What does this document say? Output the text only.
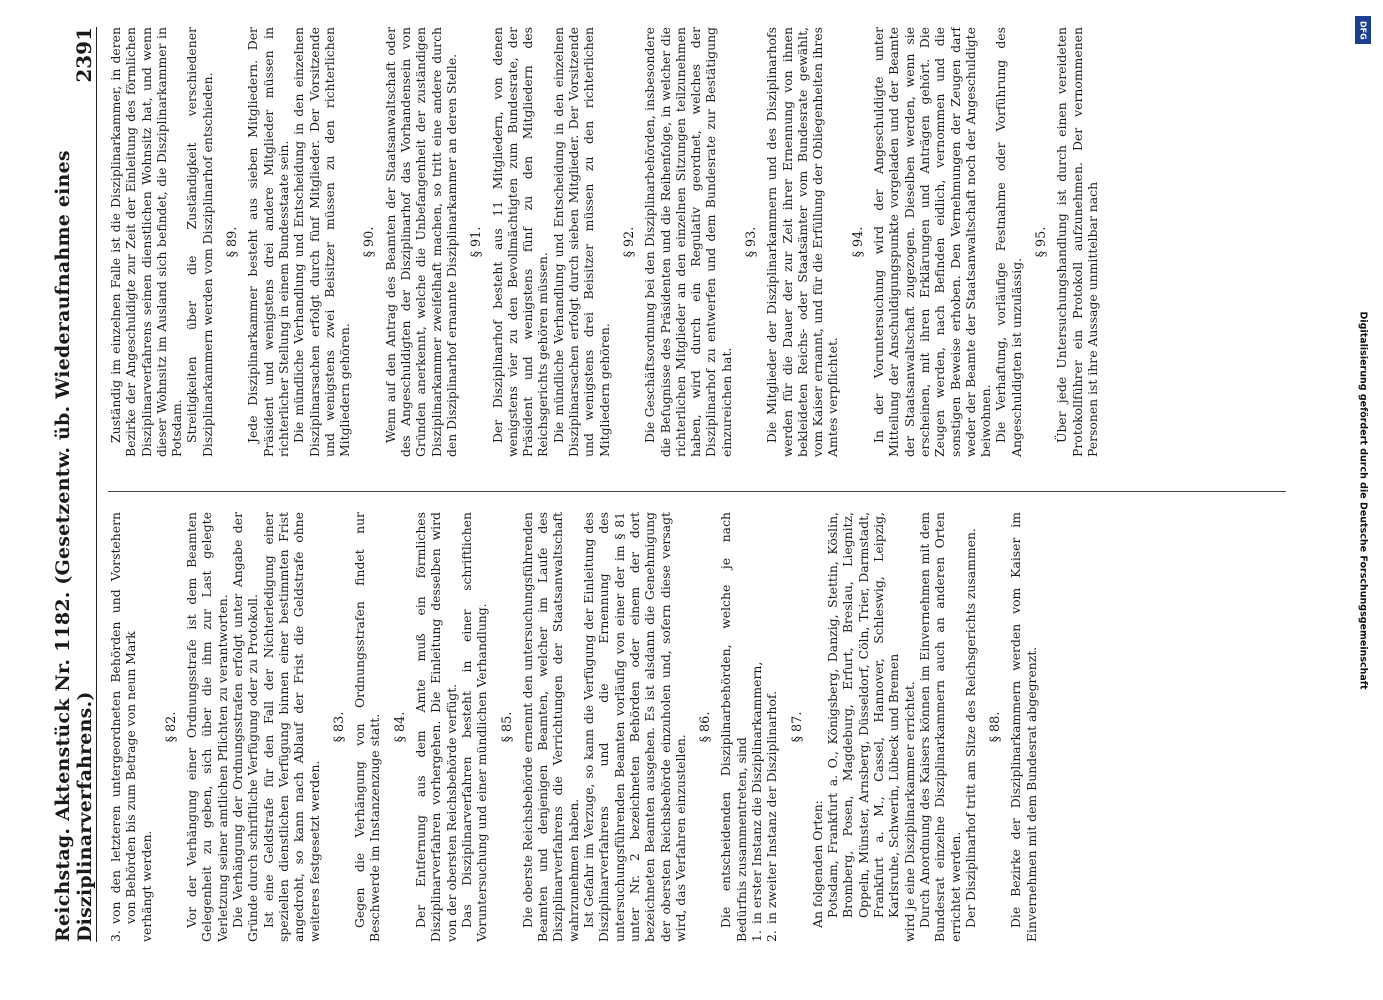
Reichstag. Aktenstück Nr. 1182. (Gesetzentw. üb. Wiederaufnahme eines Disziplinarverfahrens.)
2391
3.
von den letzteren untergeordneten Behörden und Vorstehern von Behörden bis zum Betrage von neun Mark verhängt werden.

§ 82. Vor der Verhängung einer Ordnungsstrafe ist dem Beamten Gelegenheit zu geben, sich über die ihm zur Last gelegte Verletzung seiner amtlichen Pflichten zu verantworten. Die Verhängung der Ordnungsstrafen erfolgt unter Angabe der Gründe durch schriftliche Verfügung oder zu Protokoll. Ist eine Geldstrafe für den Fall der Nichterledigung einer speziellen dienstlichen Verfügung binnen einer bestimmten Frist angedroht, so kann nach Ablauf der Frist die Geldstrafe ohne weiteres festgesetzt werden.

§ 83. Gegen die Verhängung von Ordnungsstrafen findet nur Beschwerde im Instanzenzuge statt. § 84. Der Entfernung aus dem Amte muß ein förmliches Disziplinarverfahren vorhergehen. Die Einleitung desselben wird von der obersten Reichsbehörde verfügt. Das Disziplinarverfahren besteht in einer schriftlichen Voruntersuchung und einer mündlichen Verhandlung. § 85. Die oberste Reichsbehörde ernennt den untersuchungsführenden Beamten und denjenigen Beamten, welcher im Laufe des Disziplinarverfahrens die Verrichtungen der Staatsanwaltschaft wahrzunehmen haben. Ist Gefahr im Verzuge, so kann die Verfügung der Einleitung des Disziplinarverfahrens und die Ernennung des untersuchungsführenden Beamten vorläufig von einer der im § 81 unter Nr. 2 bezeichneten Behörden oder einem der dort bezeichneten Beamten ausgehen. Es ist alsdann die Genehmigung der obersten Reichsbehörde einzuholen und, sofern diese versagt wird, das Verfahren einzustellen.

§ 86. Die entscheidenden Disziplinarbehörden, welche je nach Bedürfnis zusammentreten, sind 1.
in erster Instanz die Disziplinarkammern,
2.
in zweiter Instanz der Disziplinarhof. § 87.

An folgenden Orten: Potsdam, Frankfurt a. O., Königsberg, Danzig, Stettin, Köslin, Bromberg, Posen, Magdeburg, Erfurt, Breslau, Liegnitz, Oppeln, Münster, Arnsberg, Düsseldorf, Cöln, Trier, Darmstadt, Frankfurt a. M., Cassel, Hannover, Schleswig, Leipzig, Karlsruhe, Schwerin, Lübeck und Bremen wird je eine Disziplinarkammer errichtet. Durch Anordnung des Kaisers können im Einvernehmen mit dem Bundesrat einzelne Disziplinarkammern auch an anderen Orten errichtet werden. Der Disziplinarhof tritt am Sitze des Reichsgerichts zusammen. § 88. Die Bezirke der Disziplinarkammern werden vom Kaiser im Einvernehmen mit dem Bundesrat abgegrenzt.

Zuständig im einzelnen Falle ist die Disziplinarkammer, in deren Bezirke der Angeschuldigte zur Zeit der Einleitung des förmlichen Disziplinarverfahrens seinen dienstlichen Wohnsitz hat, und wenn dieser Wohnsitz im Ausland sich befindet, die Disziplinarkammer in Potsdam. Streitigkeiten über die Zuständigkeit verschiedener Disziplinarkammern werden vom Disziplinarhof entschieden. § 89. Jede Disziplinarkammer besteht aus sieben Mitgliedern. Der Präsident und wenigstens drei andere Mitglieder müssen in richterlicher Stellung in einem Bundesstaate sein. Die mündliche Verhandlung und Entscheidung in den einzelnen Disziplinarsachen erfolgt durch fünf Mitglieder. Der Vorsitzende und wenigstens zwei Beisitzer müssen zu den richterlichen Mitgliedern gehören.

§ 90. Wenn auf den Antrag des Beamten der Staatsanwaltschaft oder des Angeschuldigten der Disziplinarhof das Vorhandensein von Gründen anerkennt, welche die Unbefangenheit der zuständigen Disziplinarkammer zweifelhaft machen, so tritt eine andere durch den Disziplinarhof ernannte Disziplinarkammer an deren Stelle. § 91. Der Disziplinarhof besteht aus 11 Mitgliedern, von denen wenigstens vier zu den Bevollmächtigten zum Bundesrate, der Präsident und wenigstens fünf zu den Mitgliedern des Reichsgerichts gehören müssen. Die mündliche Verhandlung und Entscheidung in den einzelnen Disziplinarsachen erfolgt durch sieben Mitglieder. Der Vorsitzende und wenigstens drei Beisitzer müssen zu den richterlichen Mitgliedern gehören.

§ 92. Die Geschäftsordnung bei den Disziplinarbehörden, insbesondere die Befugnisse des Präsidenten und die Reihenfolge, in welcher die richterlichen Mitglieder an den einzelnen Sitzungen teilzunehmen haben, wird durch ein Regulativ geordnet, welches der Disziplinarhof zu entwerfen und dem Bundesrate zur Bestätigung einzureichen hat.

§ 93. Die Mitglieder der Disziplinarkammern und des Disziplinarhofs werden für die Dauer der zur Zeit ihrer Ernennung von ihnen bekleideten Reichs- oder Staatsämter vom Bundesrate gewählt, vom Kaiser ernannt, und für die Erfüllung der Obliegenheiten ihres Amtes verpflichtet.

§ 94. In der Voruntersuchung wird der Angeschuldigte unter Mitteilung der Anschuldigungspunkte vorgeladen und der Beamte der Staatsanwaltschaft zugezogen. Dieselben werden, wenn sie erscheinen, mit ihren Erklärungen und Anträgen gehört. Die Zeugen werden, nach Befinden eidlich, vernommen und die sonstigen Beweise erhoben. Den Vernehmungen der Zeugen darf weder der Beamte der Staatsanwaltschaft noch der Angeschuldigte beiwohnen. Die Verhaftung, vorläufige Festnahme oder Vorführung des Angeschuldigten ist unzulässig.

§ 95. Über jede Untersuchungshandlung ist durch einen vereideten Protokollführer ein Protokoll aufzunehmen. Der vernommenen Personen ist ihre Aussage unmittelbar nach

DFG
Digitalisierung gefördert durch die Deutsche Forschungsgemeinschaft
